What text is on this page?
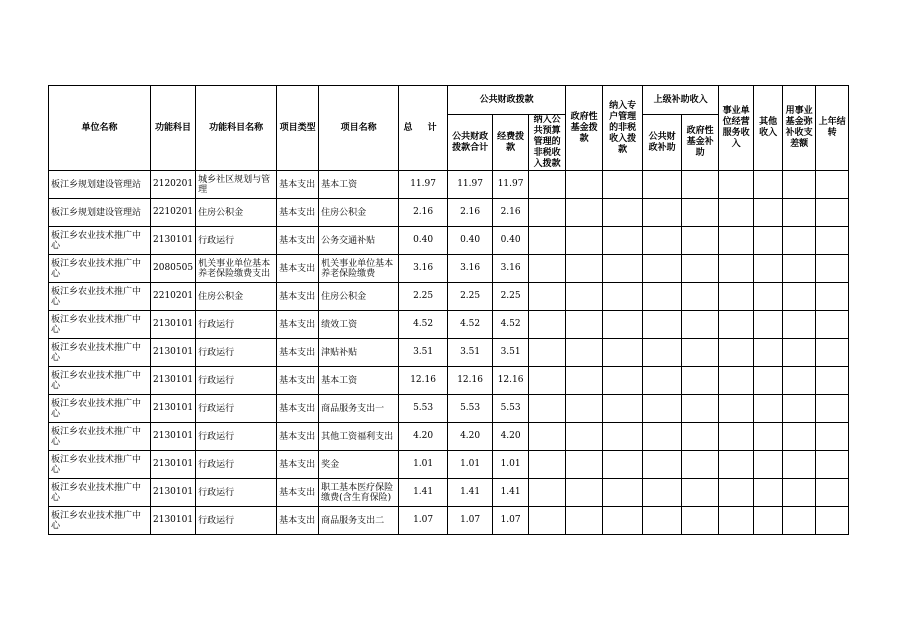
单位名称	功能科目	功能科目名称	项目类型	项目名称	总 计	公共财政拨款			政府性基金拨款	纳入专户管理的非税收入拨款	上级补助收入		事业单位经营服务收入	其他收入	用事业基金弥补收支差额	上年结转
						公共财政拨款合计	经费拨款	纳入公共预算管理的非税收入拨款								
											公共财政补助	政府性基金补助				
板江乡规划建设管理站	2120201	城乡社区规划与管理	基本支出	基本工资	11.97	11.97	11.97									
板江乡规划建设管理站	2210201	住房公积金	基本支出	住房公积金	2.16	2.16	2.16									
板江乡农业技术推广中心	2130101	行政运行	基本支出	公务交通补贴	0.40	0.40	0.40									
板江乡农业技术推广中心	2080505	机关事业单位基本养老保险缴费支出	基本支出	机关事业单位基本养老保险缴费	3.16	3.16	3.16									
板江乡农业技术推广中心	2210201	住房公积金	基本支出	住房公积金	2.25	2.25	2.25									
板江乡农业技术推广中心	2130101	行政运行	基本支出	绩效工资	4.52	4.52	4.52									
板江乡农业技术推广中心	2130101	行政运行	基本支出	津贴补贴	3.51	3.51	3.51									
板江乡农业技术推广中心	2130101	行政运行	基本支出	基本工资	12.16	12.16	12.16									
板江乡农业技术推广中心	2130101	行政运行	基本支出	商品服务支出一	5.53	5.53	5.53									
板江乡农业技术推广中心	2130101	行政运行	基本支出	其他工资福利支出	4.20	4.20	4.20									
板江乡农业技术推广中心	2130101	行政运行	基本支出	奖金	1.01	1.01	1.01									
板江乡农业技术推广中心	2130101	行政运行	基本支出	职工基本医疗保险缴费(含生育保险)	1.41	1.41	1.41									
板江乡农业技术推广中心	2130101	行政运行	基本支出	商品服务支出二	1.07	1.07	1.07									
